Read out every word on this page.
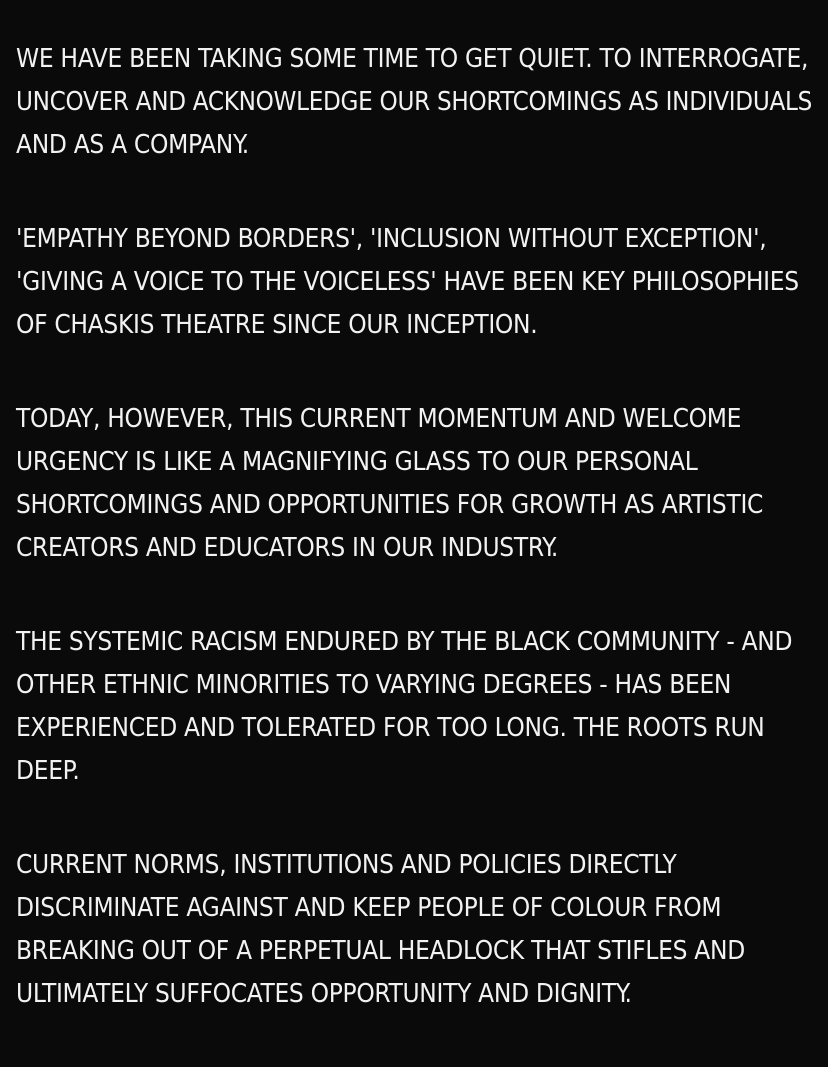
WE HAVE BEEN TAKING SOME TIME TO GET QUIET. TO INTERROGATE,
UNCOVER AND ACKNOWLEDGE OUR SHORTCOMINGS AS INDIVIDUALS
AND AS A COMPANY.
'EMPATHY BEYOND BORDERS', 'INCLUSION WITHOUT EXCEPTION',
'GIVING A VOICE TO THE VOICELESS' HAVE BEEN KEY PHILOSOPHIES
OF CHASKIS THEATRE SINCE OUR INCEPTION.
TODAY, HOWEVER, THIS CURRENT MOMENTUM AND WELCOME
URGENCY IS LIKE A MAGNIFYING GLASS TO OUR PERSONAL
SHORTCOMINGS AND OPPORTUNITIES FOR GROWTH AS ARTISTIC
CREATORS AND EDUCATORS IN OUR INDUSTRY.
THE SYSTEMIC RACISM ENDURED BY THE BLACK COMMUNITY - AND
OTHER ETHNIC MINORITIES TO VARYING DEGREES - HAS BEEN
EXPERIENCED AND TOLERATED FOR TOO LONG. THE ROOTS RUN
DEEP.
CURRENT NORMS, INSTITUTIONS AND POLICIES DIRECTLY
DISCRIMINATE AGAINST AND KEEP PEOPLE OF COLOUR FROM
BREAKING OUT OF A PERPETUAL HEADLOCK THAT STIFLES AND
ULTIMATELY SUFFOCATES OPPORTUNITY AND DIGNITY.
